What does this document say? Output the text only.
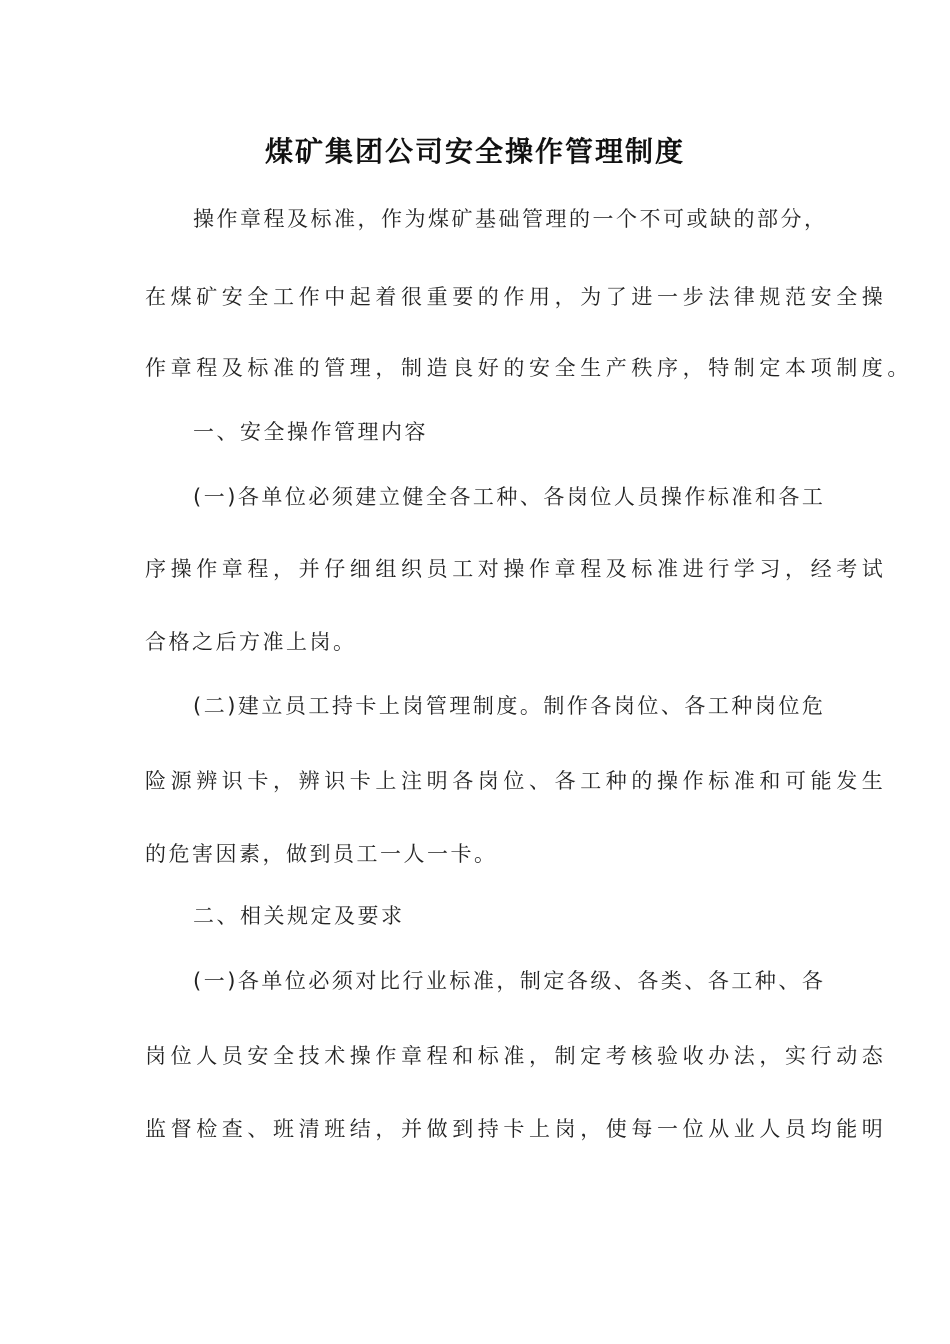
煤矿集团公司安全操作管理制度
操作章程及标准，作为煤矿基础管理的一个不可或缺的部分，
在煤矿安全工作中起着很重要的作用，为了进一步法律规范安全操
作章程及标准的管理，制造良好的安全生产秩序，特制定本项制度。
一、安全操作管理内容
(一)各单位必须建立健全各工种、各岗位人员操作标准和各工
序操作章程，并仔细组织员工对操作章程及标准进行学习，经考试
合格之后方准上岗。
(二)建立员工持卡上岗管理制度。制作各岗位、各工种岗位危
险源辨识卡，辨识卡上注明各岗位、各工种的操作标准和可能发生
的危害因素，做到员工一人一卡。
二、相关规定及要求
(一)各单位必须对比行业标准，制定各级、各类、各工种、各
岗位人员安全技术操作章程和标准，制定考核验收办法，实行动态
监督检查、班清班结，并做到持卡上岗，使每一位从业人员均能明
